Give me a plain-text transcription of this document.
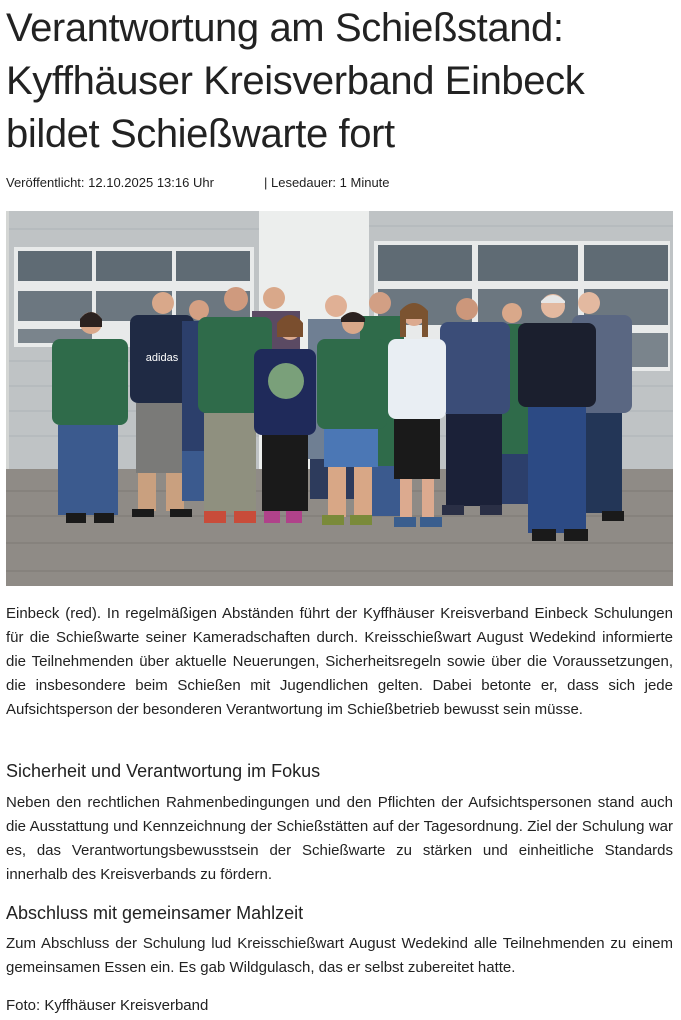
Verantwortung am Schießstand: Kyffhäuser Kreisverband Einbeck bildet Schießwarte fort
Veröffentlicht: 12.10.2025 13:16 Uhr	| Lesedauer: 1 Minute
adidas

Einbeck (red). In regelmäßigen Abständen führt der Kyffhäuser Kreisverband Einbeck Schulungen für die Schießwarte seiner Kameradschaften durch. Kreisschießwart August Wedekind informierte die Teilnehmenden über aktuelle Neuerungen, Sicherheitsregeln sowie über die Voraussetzungen, die insbesondere beim Schießen mit Jugendlichen gelten. Dabei betonte er, dass sich jede Aufsichtsperson der besonderen Verantwortung im Schießbetrieb bewusst sein müsse.

Sicherheit und Verantwortung im Fokus

Neben den rechtlichen Rahmenbedingungen und den Pflichten der Aufsichtspersonen stand auch die Ausstattung und Kennzeichnung der Schießstätten auf der Tagesordnung. Ziel der Schulung war es, das Verantwortungsbewusstsein der Schießwarte zu stärken und einheitliche Standards innerhalb des Kreisverbands zu fördern.

Abschluss mit gemeinsamer Mahlzeit

Zum Abschluss der Schulung lud Kreisschießwart August Wedekind alle Teilnehmenden zu einem gemeinsamen Essen ein. Es gab Wildgulasch, das er selbst zubereitet hatte.

Foto: Kyffhäuser Kreisverband
